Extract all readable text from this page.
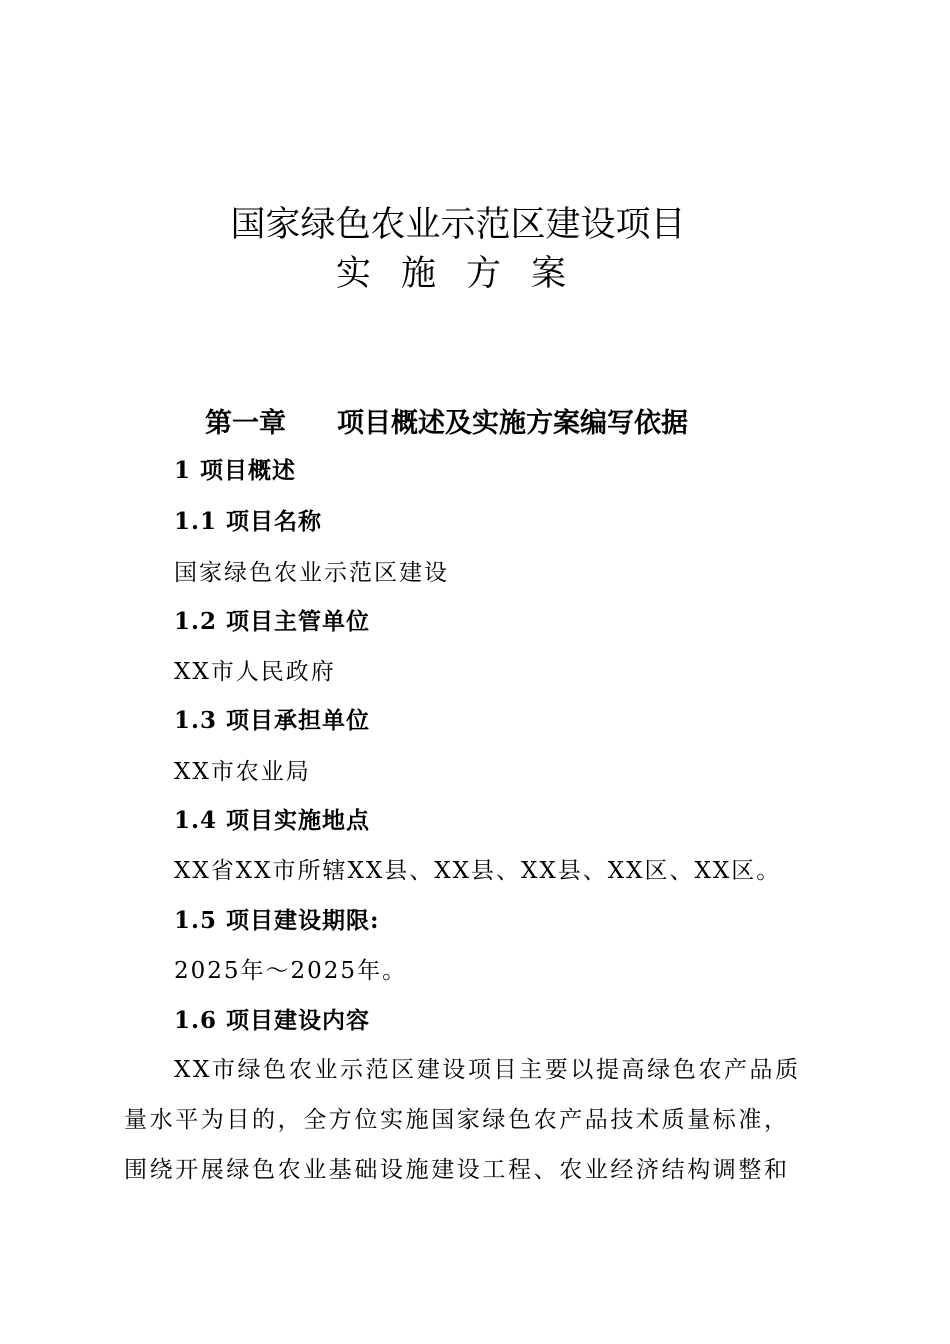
国家绿色农业示范区建设项目
实施方案
第一章 项目概述及实施方案编写依据
1 项目概述
1.1 项目名称
国家绿色农业示范区建设
1.2 项目主管单位
XX市人民政府
1.3 项目承担单位
XX市农业局
1.4 项目实施地点
XX省XX市所辖XX县、XX县、XX县、XX区、XX区。
1.5 项目建设期限:
2025年～2025年。
1.6 项目建设内容
XX市绿色农业示范区建设项目主要以提高绿色农产品质
量水平为目的，全方位实施国家绿色农产品技术质量标准，
围绕开展绿色农业基础设施建设工程、农业经济结构调整和
